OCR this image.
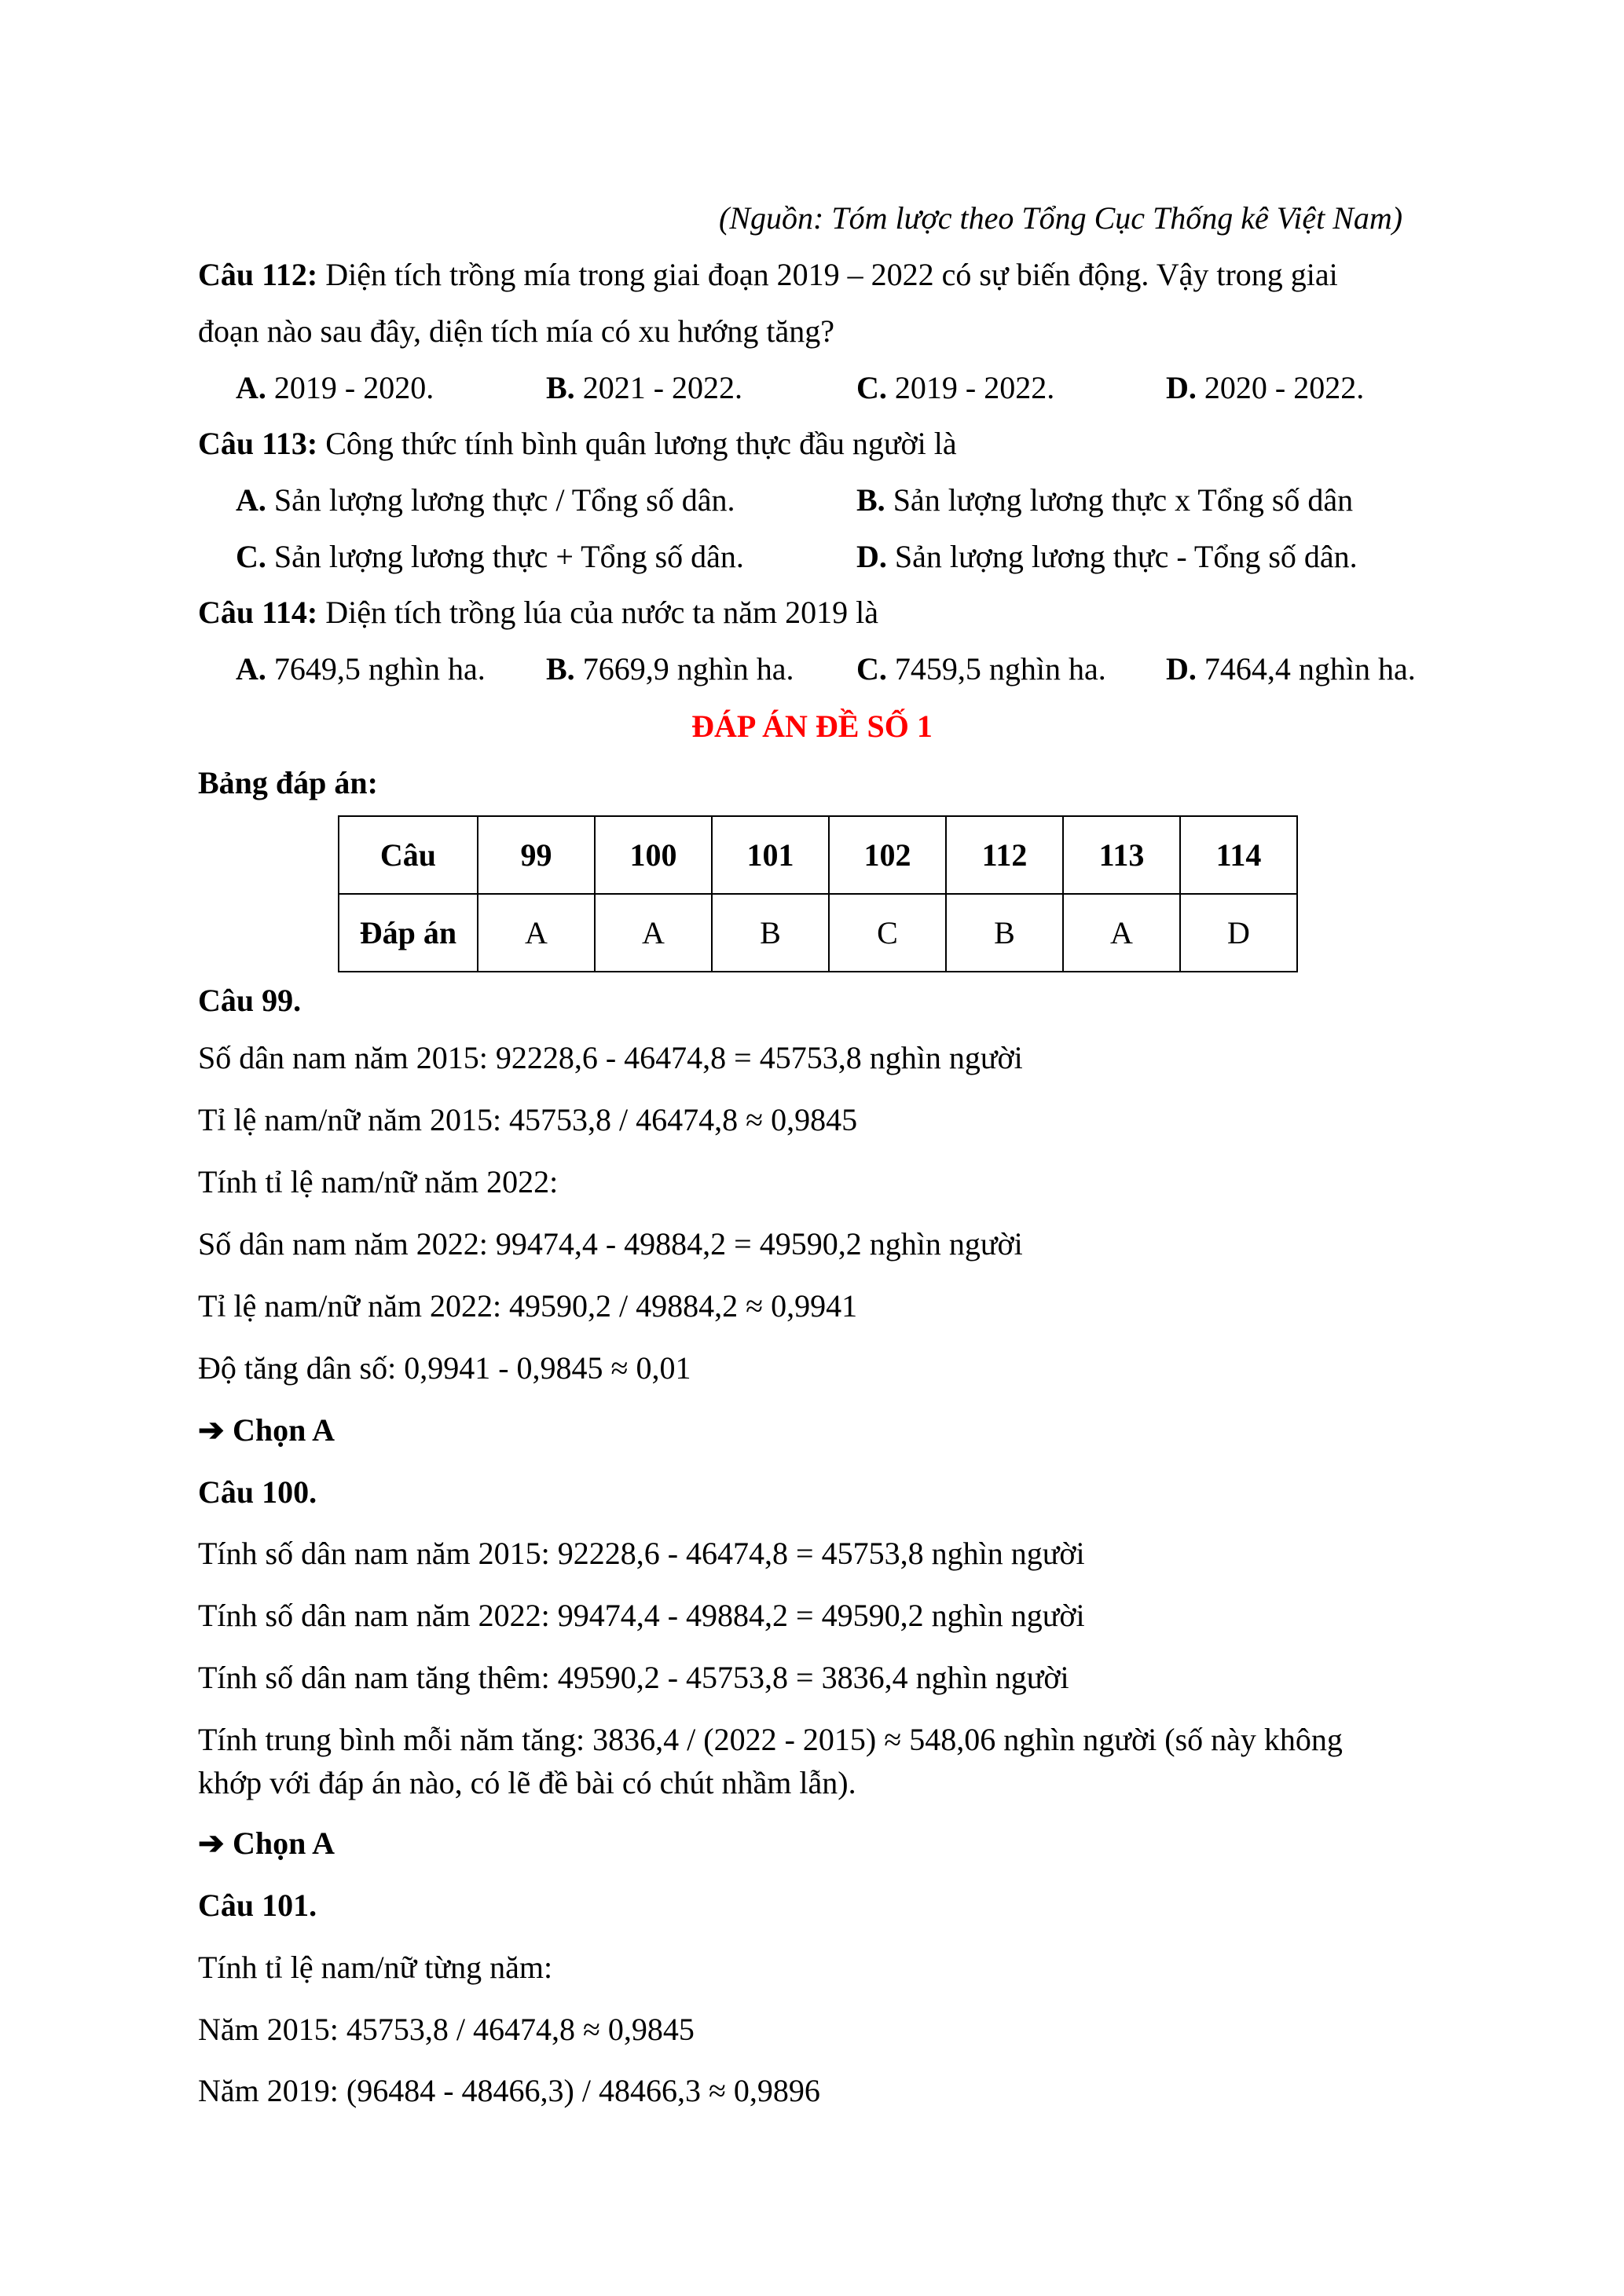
(Nguồn: Tóm lược theo Tổng Cục Thống kê Việt Nam)
Câu 112: Diện tích trồng mía trong giai đoạn 2019 – 2022 có sự biến động. Vậy trong giai
đoạn nào sau đây, diện tích mía có xu hướng tăng?
A. 2019 - 2020.	B. 2021 - 2022.	C. 2019 - 2022.	D. 2020 - 2022.
Câu 113: Công thức tính bình quân lương thực đầu người là
A. Sản lượng lương thực / Tổng số dân.	B. Sản lượng lương thực x Tổng số dân
C. Sản lượng lương thực + Tổng số dân.	D. Sản lượng lương thực - Tổng số dân.
Câu 114: Diện tích trồng lúa của nước ta năm 2019 là
A. 7649,5 nghìn ha. B. 7669,9 nghìn ha. C. 7459,5 nghìn ha. D. 7464,4 nghìn ha.
ĐÁP ÁN ĐỀ SỐ 1
Bảng đáp án:
Câu	99	100	101	102	112	113	114
Đáp án	A	A	B	C	B	A	D
Câu 99.
Số dân nam năm 2015: 92228,6 - 46474,8 = 45753,8 nghìn người
Tỉ lệ nam/nữ năm 2015: 45753,8 / 46474,8 ≈ 0,9845
Tính tỉ lệ nam/nữ năm 2022:
Số dân nam năm 2022: 99474,4 - 49884,2 = 49590,2 nghìn người
Tỉ lệ nam/nữ năm 2022: 49590,2 / 49884,2 ≈ 0,9941
Độ tăng dân số: 0,9941 - 0,9845 ≈ 0,01
➔ Chọn A
Câu 100.
Tính số dân nam năm 2015: 92228,6 - 46474,8 = 45753,8 nghìn người
Tính số dân nam năm 2022: 99474,4 - 49884,2 = 49590,2 nghìn người
Tính số dân nam tăng thêm: 49590,2 - 45753,8 = 3836,4 nghìn người
Tính trung bình mỗi năm tăng: 3836,4 / (2022 - 2015) ≈ 548,06 nghìn người (số này không
khớp với đáp án nào, có lẽ đề bài có chút nhầm lẫn).
➔ Chọn A
Câu 101.
Tính tỉ lệ nam/nữ từng năm:
Năm 2015: 45753,8 / 46474,8 ≈ 0,9845
Năm 2019: (96484 - 48466,3) / 48466,3 ≈ 0,9896
